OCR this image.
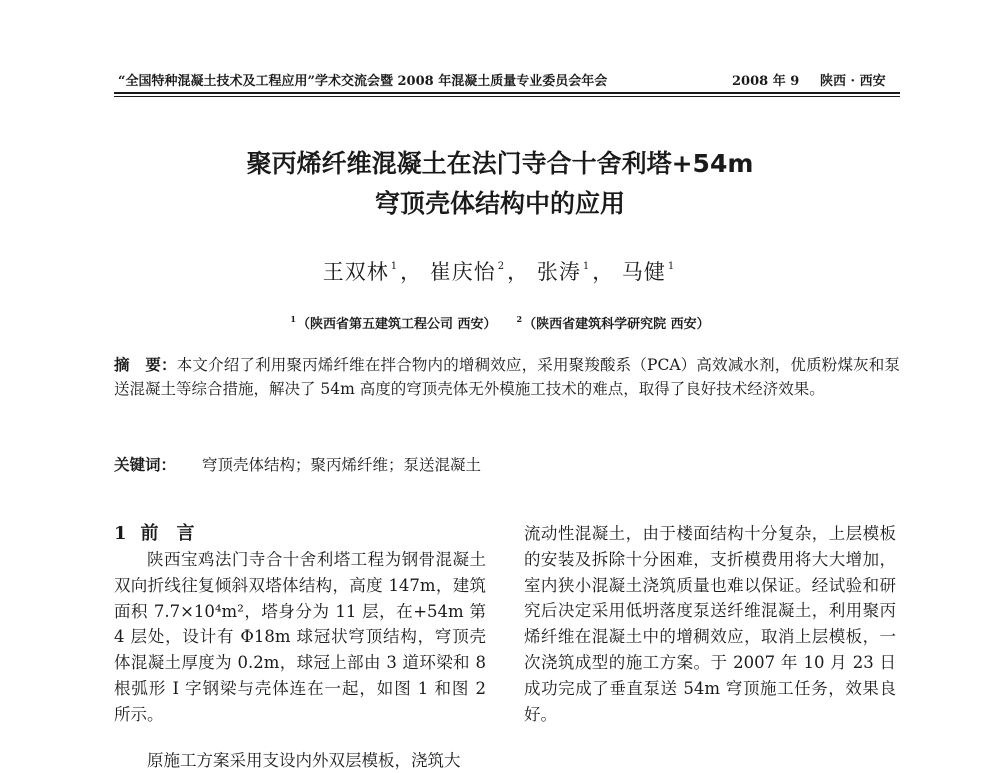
“全国特种混凝土技术及工程应用”学术交流会暨 2008 年混凝土质量专业委员会年会	2008 年 9 陕西 · 西安
聚丙烯纤维混凝土在法门寺合十舍利塔+54m
穹顶壳体结构中的应用
王双林 $^1$， 崔庆怡 $^2$， 张涛 $^1$， 马健 $^1$
$^1$（陕西省第五建筑工程公司 西安）	$^2$（陕西省建筑科学研究院 西安）
摘　要：本文介绍了利用聚丙烯纤维在拌合物内的增稠效应，采用聚羧酸系（PCA）高效减水剂，优质粉煤灰和泵送混凝土等综合措施，解决了 54m 高度的穹顶壳体无外模施工技术的难点，取得了良好技术经济效果。
关键词： 穹顶壳体结构；聚丙烯纤维；泵送混凝土
1 前　言

陕西宝鸡法门寺合十舍利塔工程为钢骨混凝土双向折线往复倾斜双塔体结构，高度 147m，建筑面积 7.7×10⁴m²，塔身分为 11 层，在+54m 第 4 层处，设计有 Φ18m 球冠状穹顶结构，穹顶壳体混凝土厚度为 0.2m，球冠上部由 3 道环梁和 8 根弧形 I 字钢梁与壳体连在一起，如图 1 和图 2 所示。

原施工方案采用支设内外双层模板，浇筑大

流动性混凝土，由于楼面结构十分复杂，上层模板的安装及拆除十分困难，支折模费用将大大增加，室内狭小混凝土浇筑质量也难以保证。经试验和研究后决定采用低坍落度泵送纤维混凝土，利用聚丙烯纤维在混凝土中的增稠效应，取消上层模板，一次浇筑成型的施工方案。于 2007 年 10 月 23 日成功完成了垂直泵送 54m 穹顶施工任务，效果良好。
